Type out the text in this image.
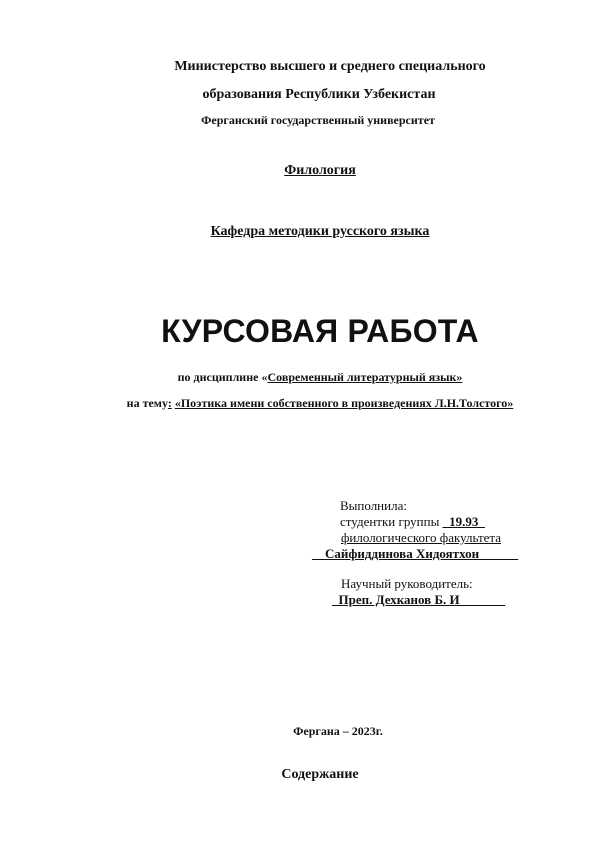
Министерство высшего и среднего специального
образования Республики Узбекистан
Ферганский государственный университет
Филология
Кафедра методики русского языка
КУРСОВАЯ РАБОТА
по дисциплине «Современный литературный язык»
на тему: «Поэтика имени собственного в произведениях Л.Н.Толстого»
Выполнила:
студентки группы _19.93_
филологического факультета
__Сайфиддинова Хидоятхон______
Научный руководитель:
_Преп. Дехканов Б. И_______
Фергана – 2023г.
Содержание
